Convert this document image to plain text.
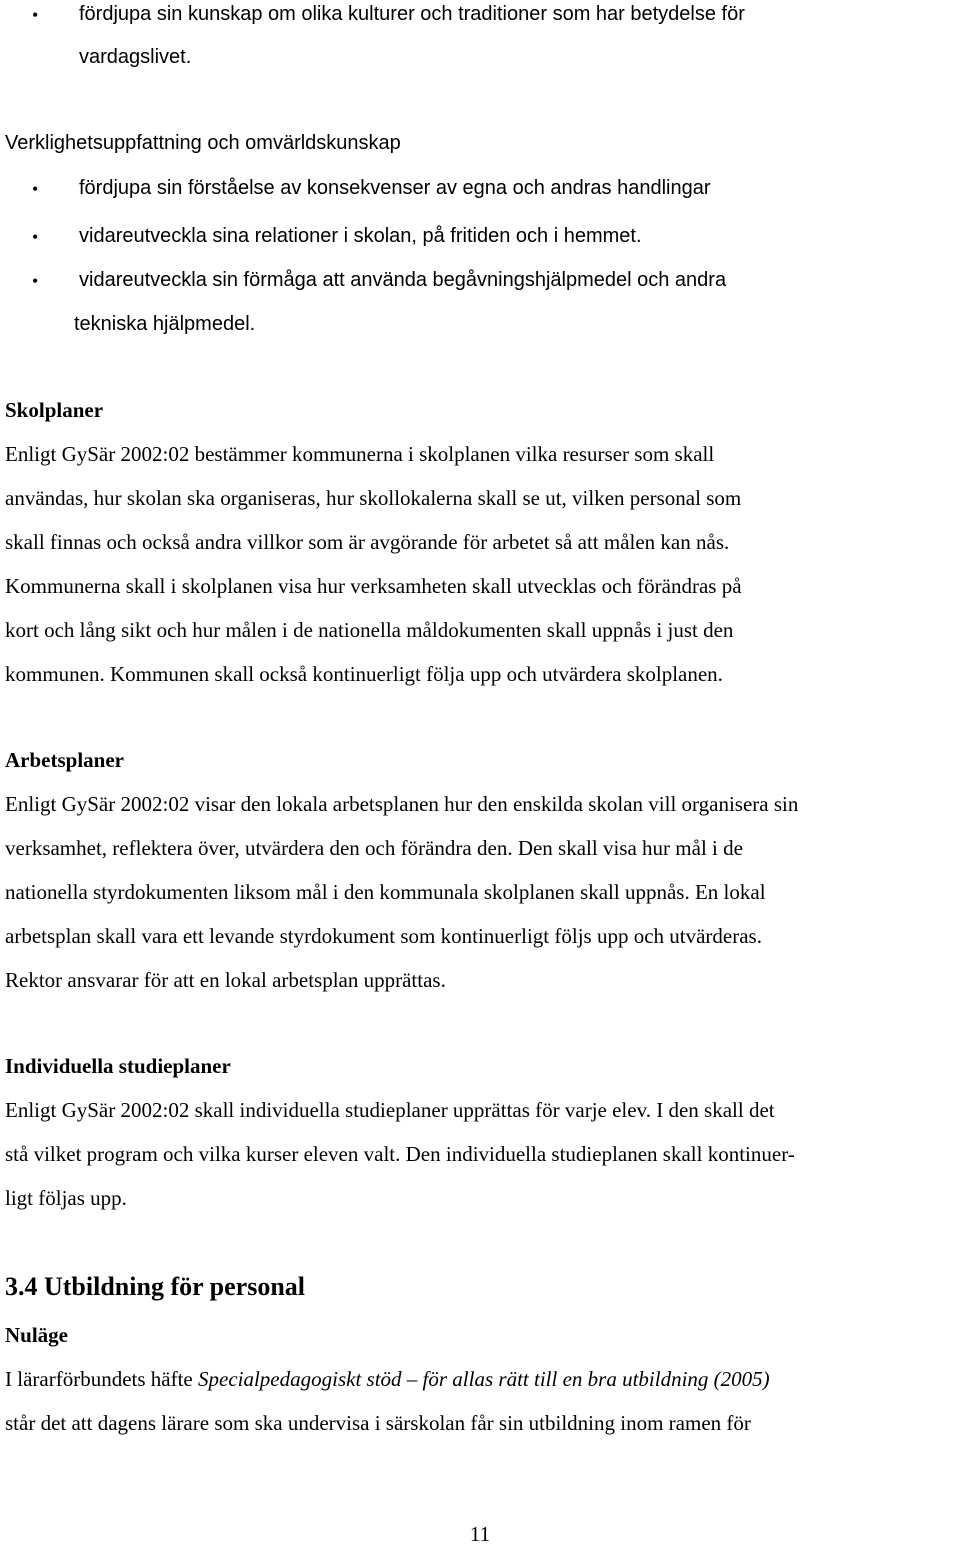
• fördjupa sin kunskap om olika kulturer och traditioner som har betydelse för
vardagslivet.
Verklighetsuppfattning och omvärldskunskap
• fördjupa sin förståelse av konsekvenser av egna och andras handlingar
• vidareutveckla sina relationer i skolan, på fritiden och i hemmet.
• vidareutveckla sin förmåga att använda begåvningshjälpmedel och andra
tekniska hjälpmedel.
Skolplaner
Enligt GySär 2002:02 bestämmer kommunerna i skolplanen vilka resurser som skall
användas, hur skolan ska organiseras, hur skollokalerna skall se ut, vilken personal som
skall finnas och också andra villkor som är avgörande för arbetet så att målen kan nås.
Kommunerna skall i skolplanen visa hur verksamheten skall utvecklas och förändras på
kort och lång sikt och hur målen i de nationella måldokumenten skall uppnås i just den
kommunen. Kommunen skall också kontinuerligt följa upp och utvärdera skolplanen.
Arbetsplaner
Enligt GySär 2002:02 visar den lokala arbetsplanen hur den enskilda skolan vill organisera sin
verksamhet, reflektera över, utvärdera den och förändra den. Den skall visa hur mål i de
nationella styrdokumenten liksom mål i den kommunala skolplanen skall uppnås. En lokal
arbetsplan skall vara ett levande styrdokument som kontinuerligt följs upp och utvärderas.
Rektor ansvarar för att en lokal arbetsplan upprättas.
Individuella studieplaner
Enligt GySär 2002:02 skall individuella studieplaner upprättas för varje elev. I den skall det
stå vilket program och vilka kurser eleven valt. Den individuella studieplanen skall kontinuer-
ligt följas upp.
3.4 Utbildning för personal
Nuläge
I lärarförbundets häfte Specialpedagogiskt stöd – för allas rätt till en bra utbildning (2005)
står det att dagens lärare som ska undervisa i särskolan får sin utbildning inom ramen för
11
